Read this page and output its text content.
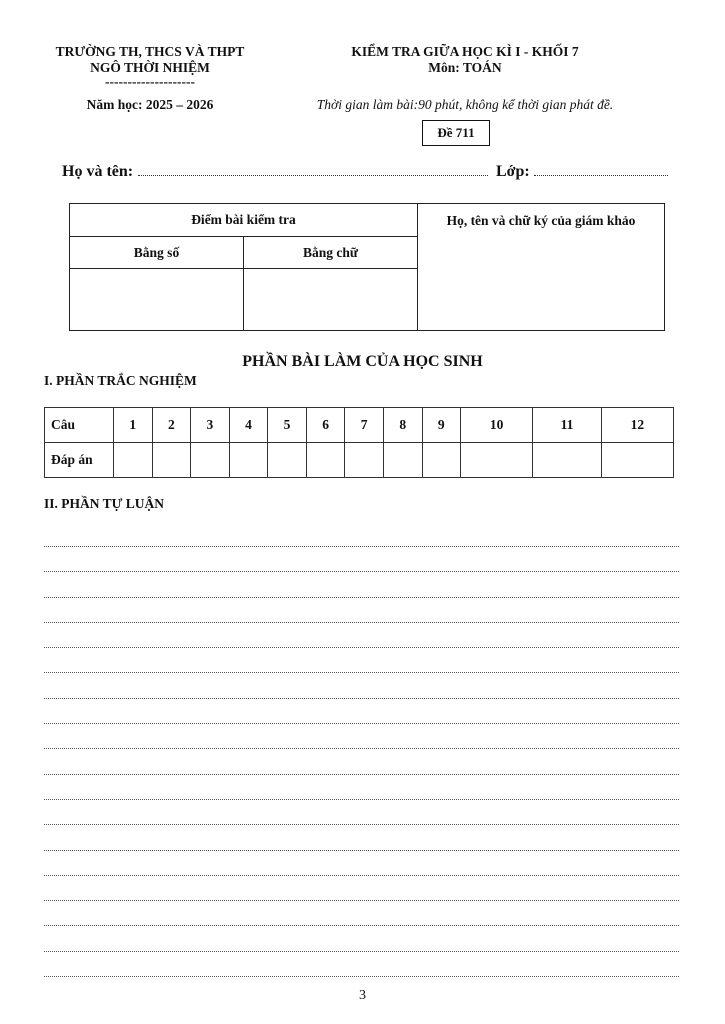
TRƯỜNG TH, THCS VÀ THPT
NGÔ THỜI NHIỆM
--------------------
Năm học: 2025 – 2026
KIỂM TRA GIỮA HỌC KÌ I - KHỐI 7
Môn: TOÁN
Thời gian làm bài:90 phút, không kể thời gian phát đề.
Đề 711
Họ và tên:	Lớp:
Điểm bài kiểm tra		Họ, tên và chữ ký của giám khảo
Bằng số	Bằng chữ	

PHẦN BÀI LÀM CỦA HỌC SINH
I. PHẦN TRẮC NGHIỆM
Câu	1	2	3	4	5	6	7	8	9	10	11	12
Đáp án												
II. PHẦN TỰ LUẬN
3
